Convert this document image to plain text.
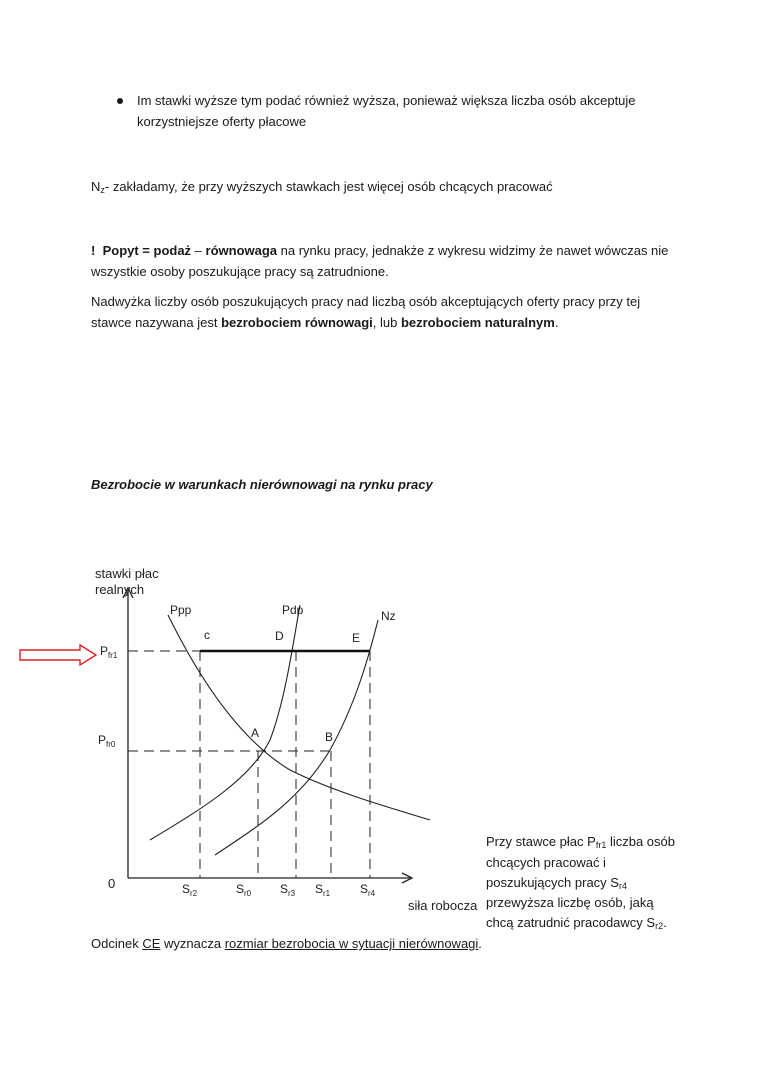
Im stawki wyższe tym podać również wyższa, ponieważ większa liczba osób akceptuje
korzystniejsze oferty płacowe
$N_z-$ zakładamy, że przy wyższych stawkach jest więcej osób chcących pracować
! Popyt = podaż – równowaga na rynku pracy, jednakże z wykresu widzimy że nawet wówczas nie
wszystkie osoby poszukujące pracy są zatrudnione.
Nadwyżka liczby osób poszukujących pracy nad liczbą osób akceptujących oferty pracy przy tej
stawce nazywana jest bezrobociem równowagi, lub bezrobociem naturalnym.
Bezrobocie w warunkach nierównowagi na rynku pracy
stawki płac
realnych
siła robocza
0
Ppp	Pdp	Nz
c	D	E
A	B
$P_{fr1}$
$P_{fr0}$
$S_{r2}$	$S_{r0}$ $S_{r3}$ $S_{r1}$ $S_{r4}$
Przy stawce płac $P_{fr1}$ liczba osób
chcących pracować i
poszukujących pracy $S_{r4}$
przewyższa liczbę osób, jaką
chcą zatrudnić pracodawcy $S_{r2}$.
Odcinek CE wyznacza rozmiar bezrobocia w sytuacji nierównowagi.
